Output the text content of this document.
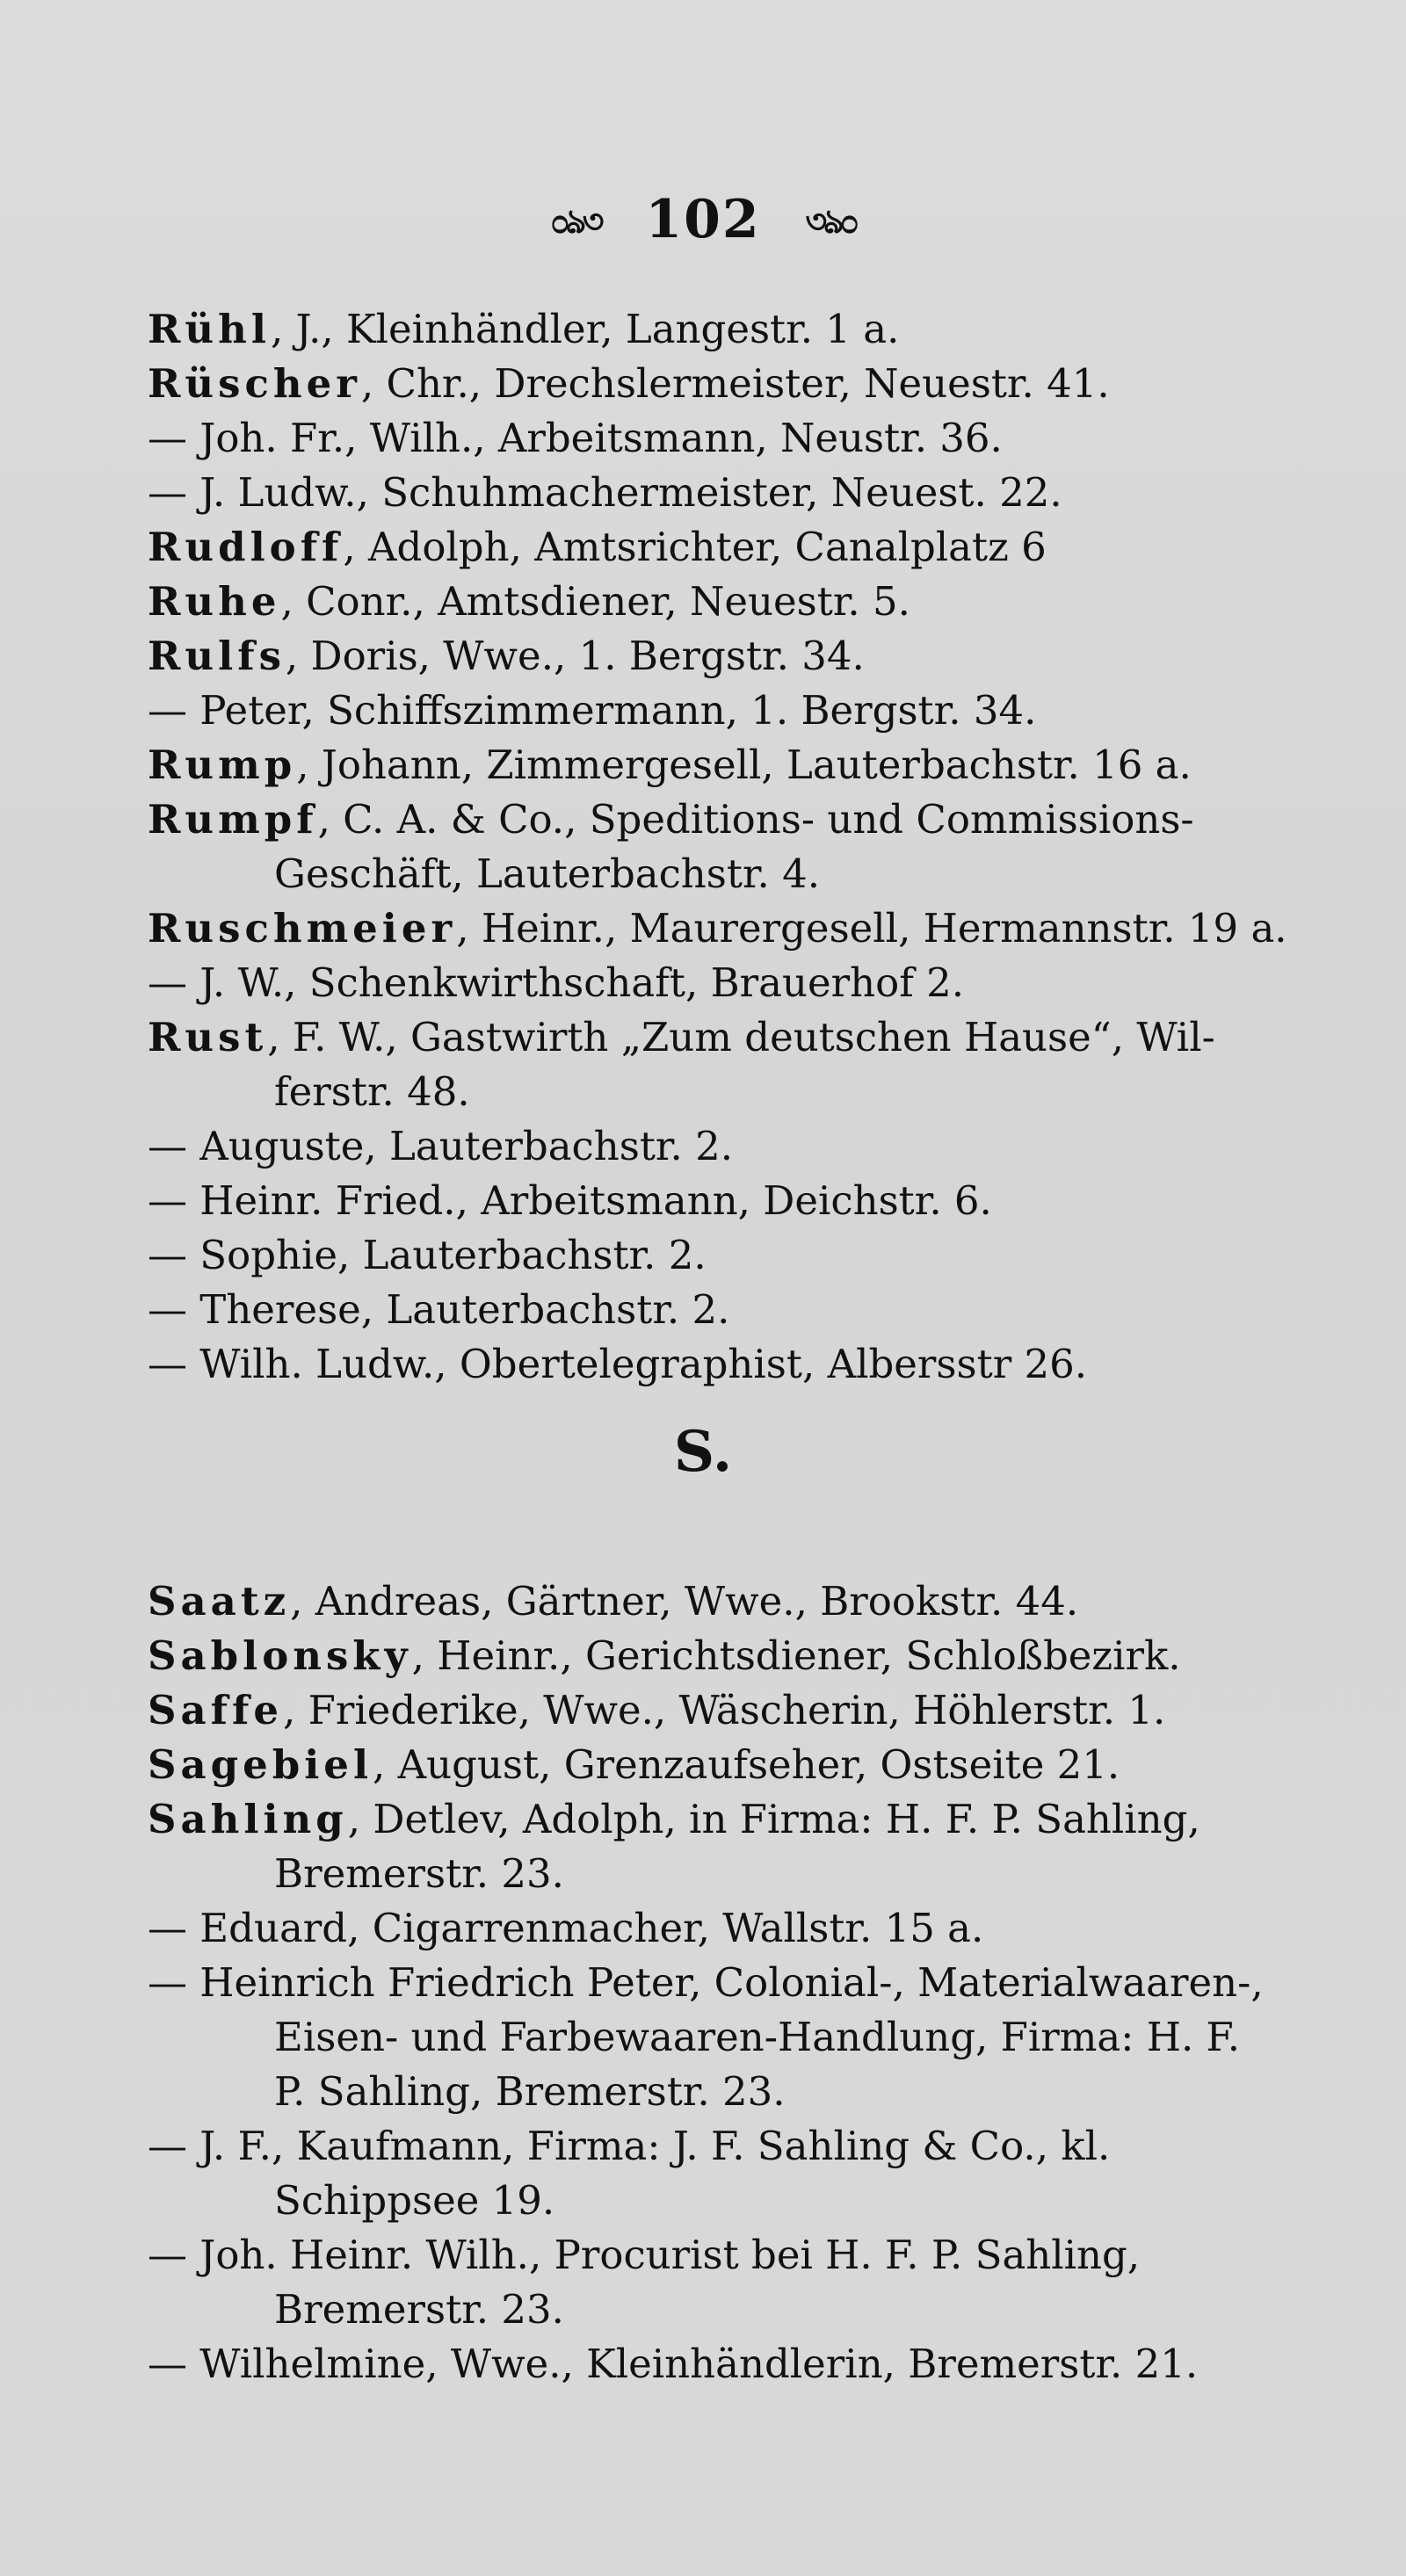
೦ঌ৩ 102 ৩ঌ೦
Rühl, J., Kleinhändler, Langestr. 1 a.
Rüscher, Chr., Drechslermeister, Neuestr. 41.
— Joh. Fr., Wilh., Arbeitsmann, Neustr. 36.
— J. Ludw., Schuhmachermeister, Neuest. 22.
Rudloff, Adolph, Amtsrichter, Canalplatz 6
Ruhe, Conr., Amtsdiener, Neuestr. 5.
Rulfs, Doris, Wwe., 1. Bergstr. 34.
— Peter, Schiffszimmermann, 1. Bergstr. 34.
Rump, Johann, Zimmergesell, Lauterbachstr. 16 a.
Rumpf, C. A. & Co., Speditions- und Commissions-
Geschäft, Lauterbachstr. 4.
Ruschmeier, Heinr., Maurergesell, Hermannstr. 19 a.
— J. W., Schenkwirthschaft, Brauerhof 2.
Rust, F. W., Gastwirth „Zum deutschen Hause“, Wil-
ferstr. 48.
— Auguste, Lauterbachstr. 2.
— Heinr. Fried., Arbeitsmann, Deichstr. 6.
— Sophie, Lauterbachstr. 2.
— Therese, Lauterbachstr. 2.
— Wilh. Ludw., Obertelegraphist, Albersstr 26.
S.
Saatz, Andreas, Gärtner, Wwe., Brookstr. 44.
Sablonsky, Heinr., Gerichtsdiener, Schloßbezirk.
Saffe, Friederike, Wwe., Wäscherin, Höhlerstr. 1.
Sagebiel, August, Grenzaufseher, Ostseite 21.
Sahling, Detlev, Adolph, in Firma: H. F. P. Sahling,
Bremerstr. 23.
— Eduard, Cigarrenmacher, Wallstr. 15 a.
— Heinrich Friedrich Peter, Colonial-, Materialwaaren-,
Eisen- und Farbewaaren-Handlung, Firma: H. F.
P. Sahling, Bremerstr. 23.
— J. F., Kaufmann, Firma: J. F. Sahling & Co., kl.
Schippsee 19.
— Joh. Heinr. Wilh., Procurist bei H. F. P. Sahling,
Bremerstr. 23.
— Wilhelmine, Wwe., Kleinhändlerin, Bremerstr. 21.
